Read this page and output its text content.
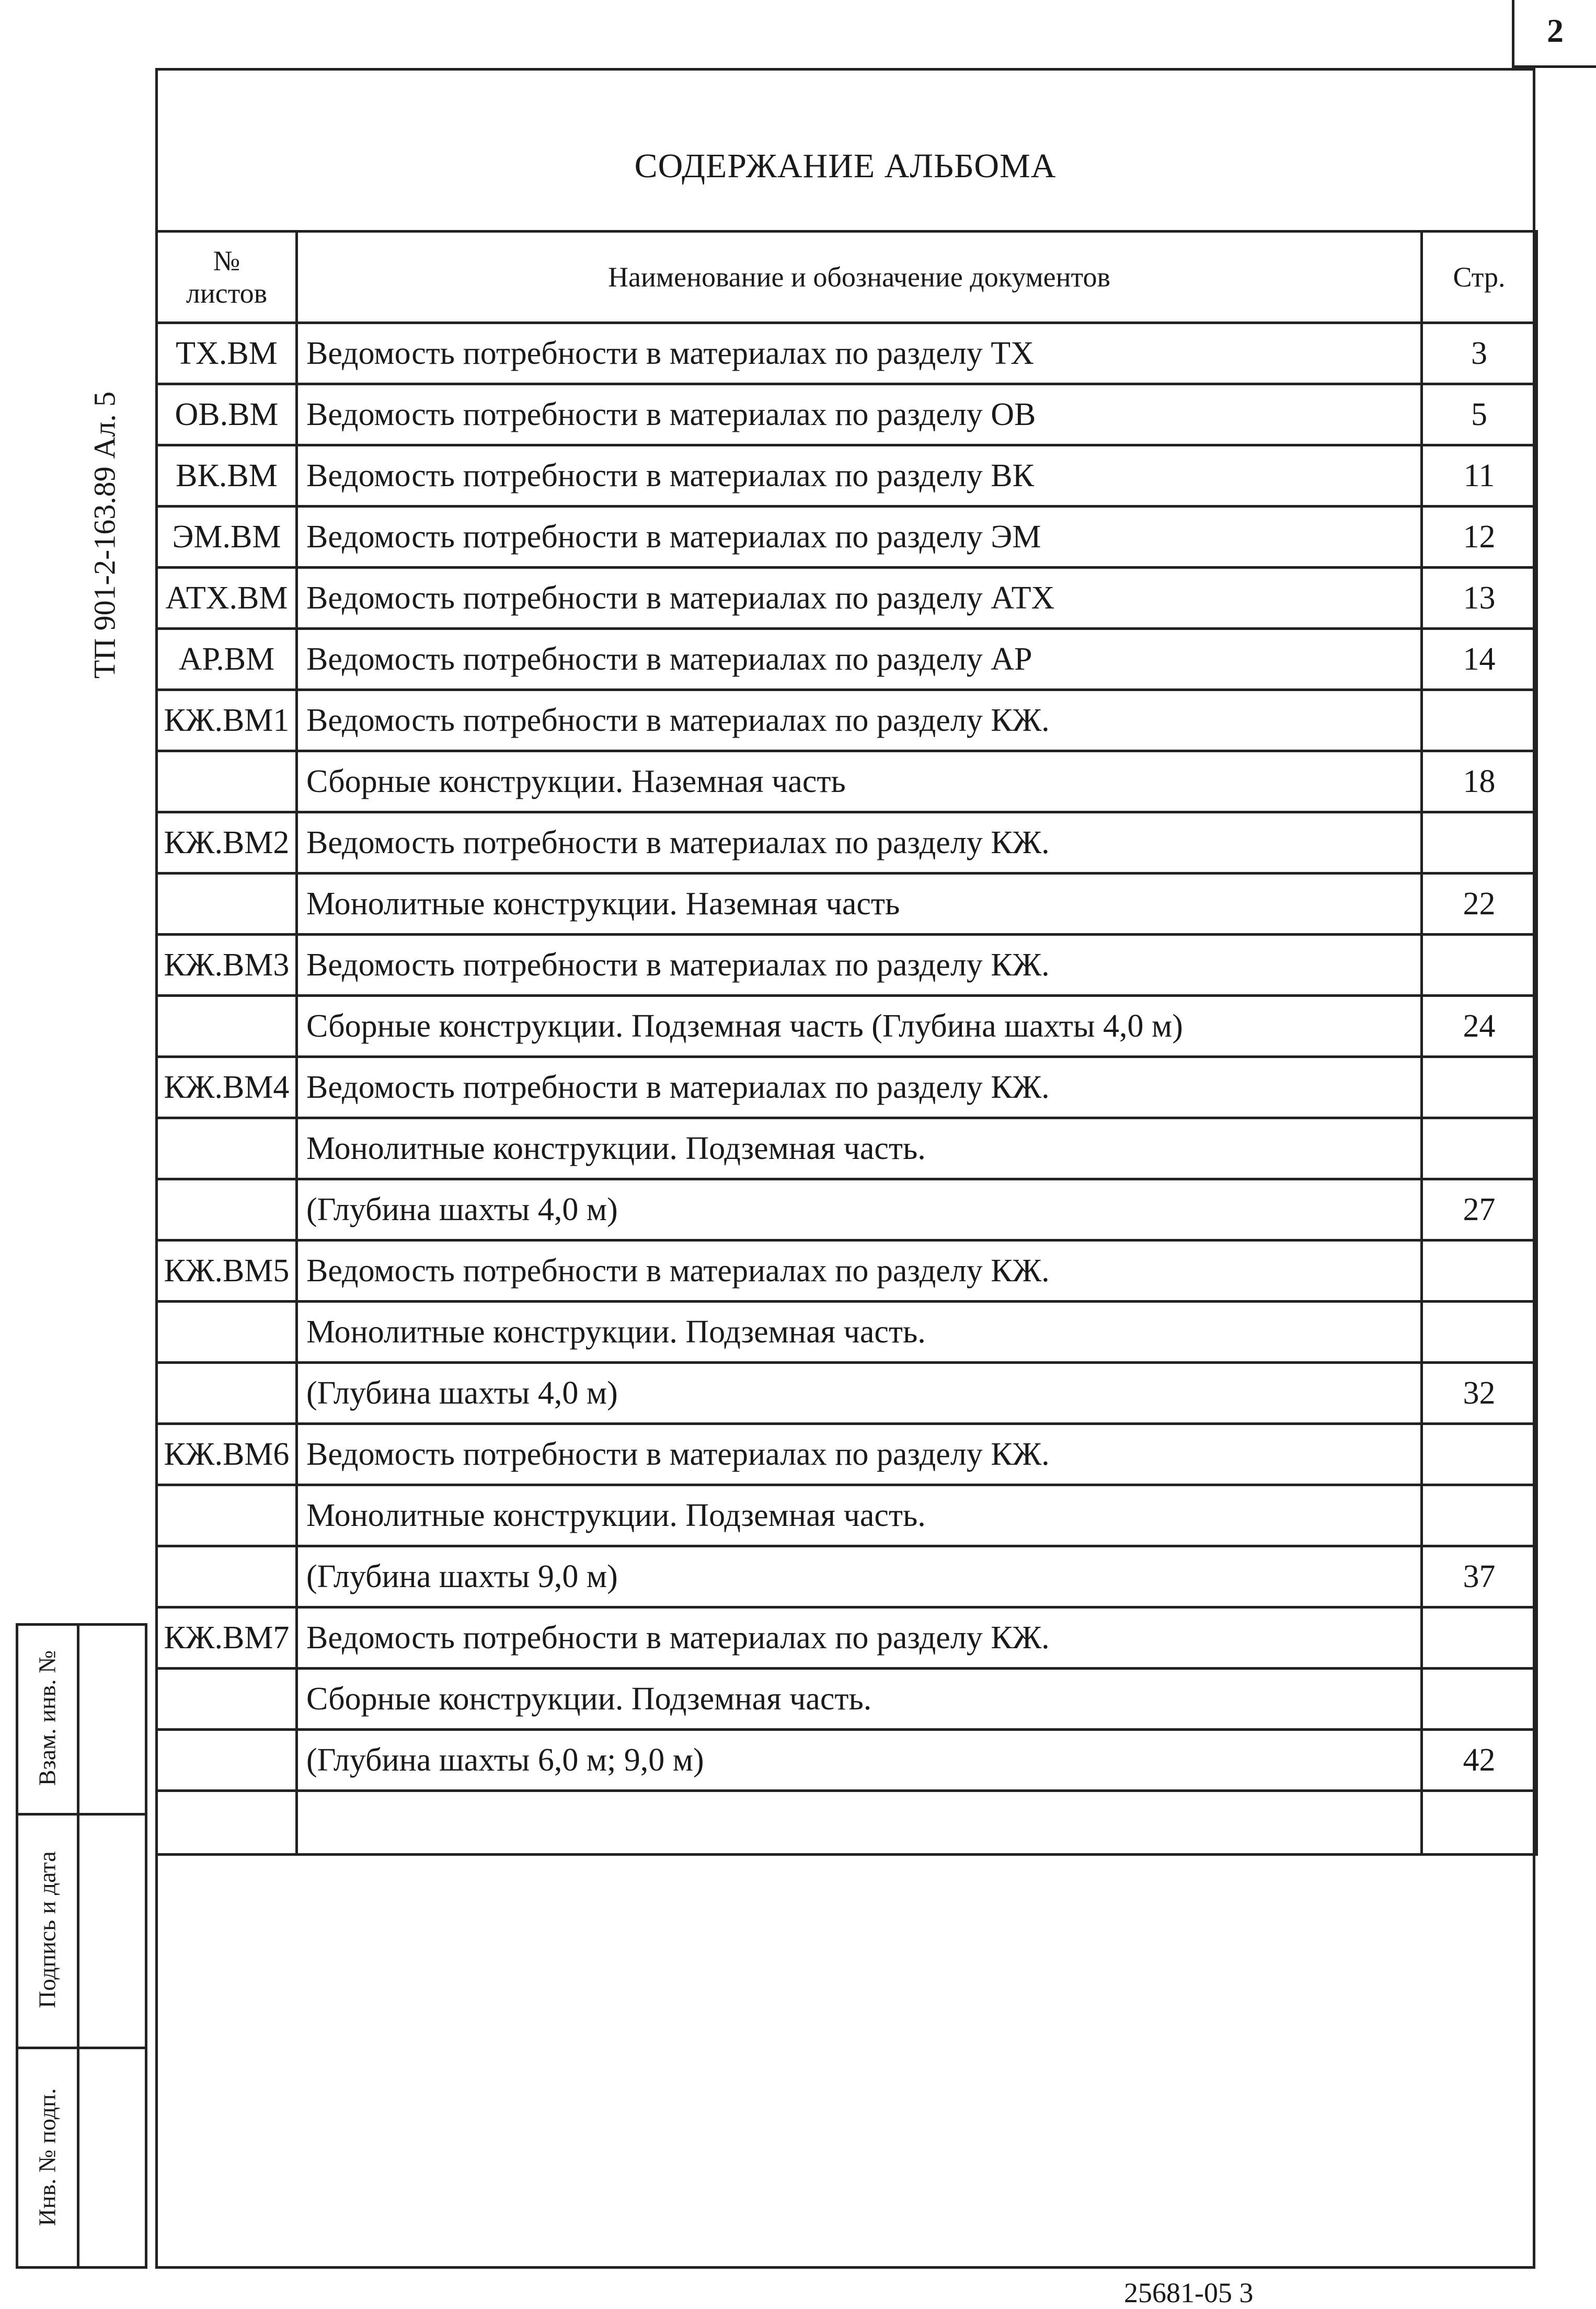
2
СОДЕРЖАНИЕ АЛЬБОМА
№
листов	Наименование и обозначение документов	Стр.
ТХ.ВМ	Ведомость потребности в материалах по разделу ТХ	3
ОВ.ВМ	Ведомость потребности в материалах по разделу ОВ	5
ВК.ВМ	Ведомость потребности в материалах по разделу ВК	11
ЭМ.ВМ	Ведомость потребности в материалах по разделу ЭМ	12
АТХ.ВМ	Ведомость потребности в материалах по разделу АТХ	13
АР.ВМ	Ведомость потребности в материалах по разделу АР	14
КЖ.ВМ1	Ведомость потребности в материалах по разделу КЖ.	
	Сборные конструкции. Наземная часть	18
КЖ.ВМ2	Ведомость потребности в материалах по разделу КЖ.	
	Монолитные конструкции. Наземная часть	22
КЖ.ВМ3	Ведомость потребности в материалах по разделу КЖ.	
	Сборные конструкции. Подземная часть (Глубина шахты 4,0 м)	24
КЖ.ВМ4	Ведомость потребности в материалах по разделу КЖ.	
	Монолитные конструкции. Подземная часть.	
	(Глубина шахты 4,0 м)	27
КЖ.ВМ5	Ведомость потребности в материалах по разделу КЖ.	
	Монолитные конструкции. Подземная часть.	
	(Глубина шахты 4,0 м)	32
КЖ.ВМ6	Ведомость потребности в материалах по разделу КЖ.	
	Монолитные конструкции. Подземная часть.	
	(Глубина шахты 9,0 м)	37
КЖ.ВМ7	Ведомость потребности в материалах по разделу КЖ.	
	Сборные конструкции. Подземная часть.	
	(Глубина шахты 6,0 м; 9,0 м)	42

ТП 901-2-163.89 Ал. 5
Взам. инв. №
Подпись и дата
Инв. № подп.
25681-05 3
